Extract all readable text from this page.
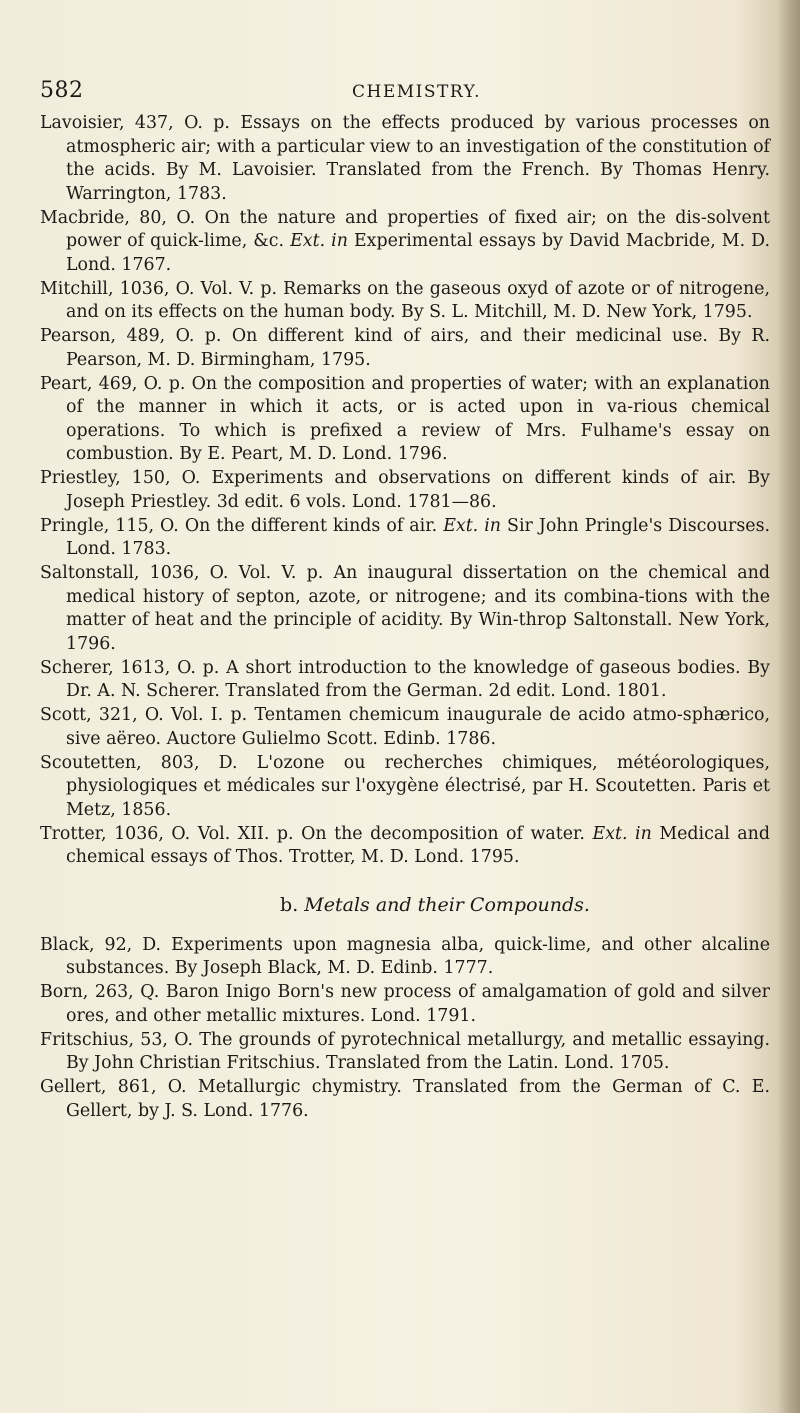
582	CHEMISTRY.

Lavoisier, 437, O. p. Essays on the effects produced by various processes on atmospheric air; with a particular view to an investigation of the constitution of the acids. By M. Lavoisier. Translated from the French. By Thomas Henry. Warrington, 1783.

Macbride, 80, O. On the nature and properties of fixed air; on the dis-solvent power of quick-lime, &c. Ext. in Experimental essays by David Macbride, M. D. Lond. 1767.

Mitchill, 1036, O. Vol. V. p. Remarks on the gaseous oxyd of azote or of nitrogene, and on its effects on the human body. By S. L. Mitchill, M. D. New York, 1795.

Pearson, 489, O. p. On different kind of airs, and their medicinal use. By R. Pearson, M. D. Birmingham, 1795.

Peart, 469, O. p. On the composition and properties of water; with an explanation of the manner in which it acts, or is acted upon in va-rious chemical operations. To which is prefixed a review of Mrs. Fulhame's essay on combustion. By E. Peart, M. D. Lond. 1796.

Priestley, 150, O. Experiments and observations on different kinds of air. By Joseph Priestley. 3d edit. 6 vols. Lond. 1781—86.

Pringle, 115, O. On the different kinds of air. Ext. in Sir John Pringle's Discourses. Lond. 1783.

Saltonstall, 1036, O. Vol. V. p. An inaugural dissertation on the chemical and medical history of septon, azote, or nitrogene; and its combina-tions with the matter of heat and the principle of acidity. By Win-throp Saltonstall. New York, 1796.

Scherer, 1613, O. p. A short introduction to the knowledge of gaseous bodies. By Dr. A. N. Scherer. Translated from the German. 2d edit. Lond. 1801.

Scott, 321, O. Vol. I. p. Tentamen chemicum inaugurale de acido atmo-sphærico, sive aëreo. Auctore Gulielmo Scott. Edinb. 1786.

Scoutetten, 803, D. L'ozone ou recherches chimiques, météorologiques, physiologiques et médicales sur l'oxygène électrisé, par H. Scoutetten. Paris et Metz, 1856.

Trotter, 1036, O. Vol. XII. p. On the decomposition of water. Ext. in Medical and chemical essays of Thos. Trotter, M. D. Lond. 1795.

b. Metals and their Compounds.

Black, 92, D. Experiments upon magnesia alba, quick-lime, and other alcaline substances. By Joseph Black, M. D. Edinb. 1777.

Born, 263, Q. Baron Inigo Born's new process of amalgamation of gold and silver ores, and other metallic mixtures. Lond. 1791.

Fritschius, 53, O. The grounds of pyrotechnical metallurgy, and metallic essaying. By John Christian Fritschius. Translated from the Latin. Lond. 1705.

Gellert, 861, O. Metallurgic chymistry. Translated from the German of C. E. Gellert, by J. S. Lond. 1776.
